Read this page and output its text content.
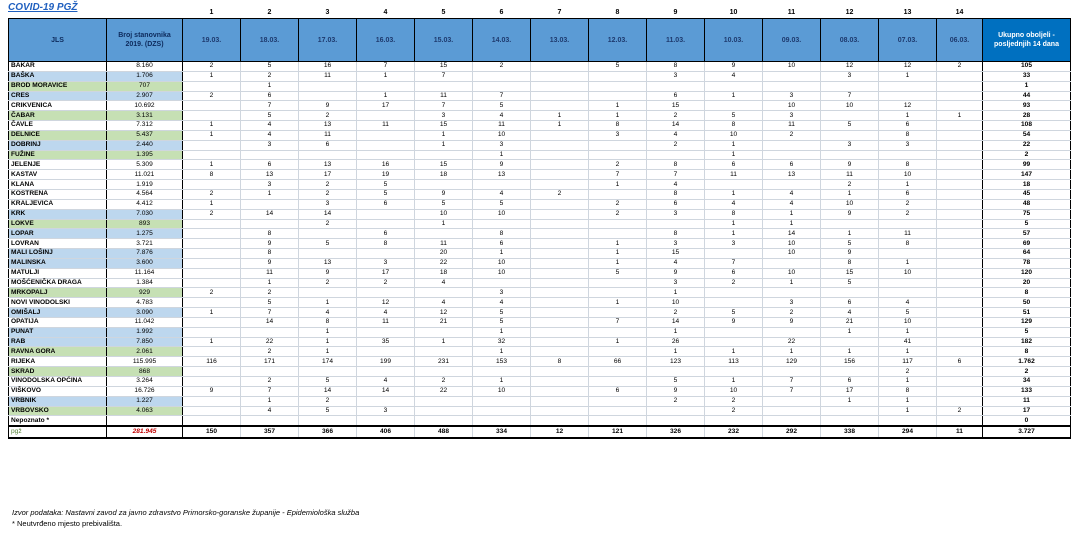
COVID-19 PGŽ
			1	2	3	4	5	6	7	8	9	10	11	12	13	14	
JLS	Broj stanovnika 2019. (DZS)	19.03.	18.03.	17.03.	16.03.	15.03.	14.03.	13.03.	12.03.	11.03.	10.03.	09.03.	08.03.	07.03.	06.03.	Ukupno oboljeli - posljednjih 14 dana
BAKAR	8.160	2	5	16	7	15	2		5	8	9	10	12	12	2	105
BAŠKA	1.706	1	2	11	1	7				3	4		3	1		33
BROD MORAVICE	707		1													1
CRES	2.907	2	6		1	11	7			6	1	3	7			44
CRIKVENICA	10.692		7	9	17	7	5		1	15		10	10	12		93
ČABAR	3.131		5	2		3	4	1	1	2	5	3		1	1	28
ČAVLE	7.312	1	4	13	11	15	11	1	8	14	8	11	5	6		108
DELNICE	5.437	1	4	11		1	10		3	4	10	2		8		54
DOBRINJ	2.440		3	6		1	3			2	1		3	3		22
FUŽINE	1.395						1				1					2
JELENJE	5.309	1	6	13	16	15	9		2	8	6	6	9	8		99
KASTAV	11.021	8	13	17	19	18	13		7	7	11	13	11	10		147
KLANA	1.919		3	2	5				1	4			2	1		18
KOSTRENA	4.564	2	1	2	5	9	4	2		8	1	4	1	6		45
KRALJEVICA	4.412	1		3	6	5	5		2	6	4	4	10	2		48
KRK	7.030	2	14	14		10	10		2	3	8	1	9	2		75
LOKVE	893			2		1					1	1				5
LOPAR	1.275		8		6		8			8	1	14	1	11		57
LOVRAN	3.721		9	5	8	11	6		1	3	3	10	5	8		69
MALI LOŠINJ	7.876		8			20	1		1	15		10	9			64
MALINSKA	3.600		9	13	3	22	10		1	4	7		8	1		78
MATULJI	11.164		11	9	17	18	10		5	9	6	10	15	10		120
MOŠĆENIČKA DRAGA	1.384		1	2	2	4				3	2	1	5			20
MRKOPALJ	929	2	2				3			1						8
NOVI VINODOLSKI	4.783		5	1	12	4	4		1	10		3	6	4		50
OMIŠALJ	3.090	1	7	4	4	12	5			2	5	2	4	5		51
OPATIJA	11.042		14	8	11	21	5		7	14	9	9	21	10		129
PUNAT	1.992			1			1			1			1	1		5
RAB	7.850	1	22	1	35	1	32		1	26		22		41		182
RAVNA GORA	2.061		2	1			1			1	1	1	1	1		8
RIJEKA	115.995	116	171	174	199	231	153	8	66	123	113	129	156	117	6	1.762
SKRAD	868													2		2
VINODOLSKA OPĆINA	3.264		2	5	4	2	1			5	1	7	6	1		34
VIŠKOVO	16.726	9	7	14	14	22	10		6	9	10	7	17	8		133
VRBNIK	1.227		1	2						2	2		1	1		11
VRBOVSKO	4.063		4	5	3						2			1	2	17
Nepoznato *																0
pgž	281.945	150	357	366	406	488	334	12	121	326	232	292	338	294	11	3.727
Izvor podataka: Nastavni zavod za javno zdravstvo Primorsko-goranske županije - Epidemiološka služba
* Neutvrđeno mjesto prebivališta.
